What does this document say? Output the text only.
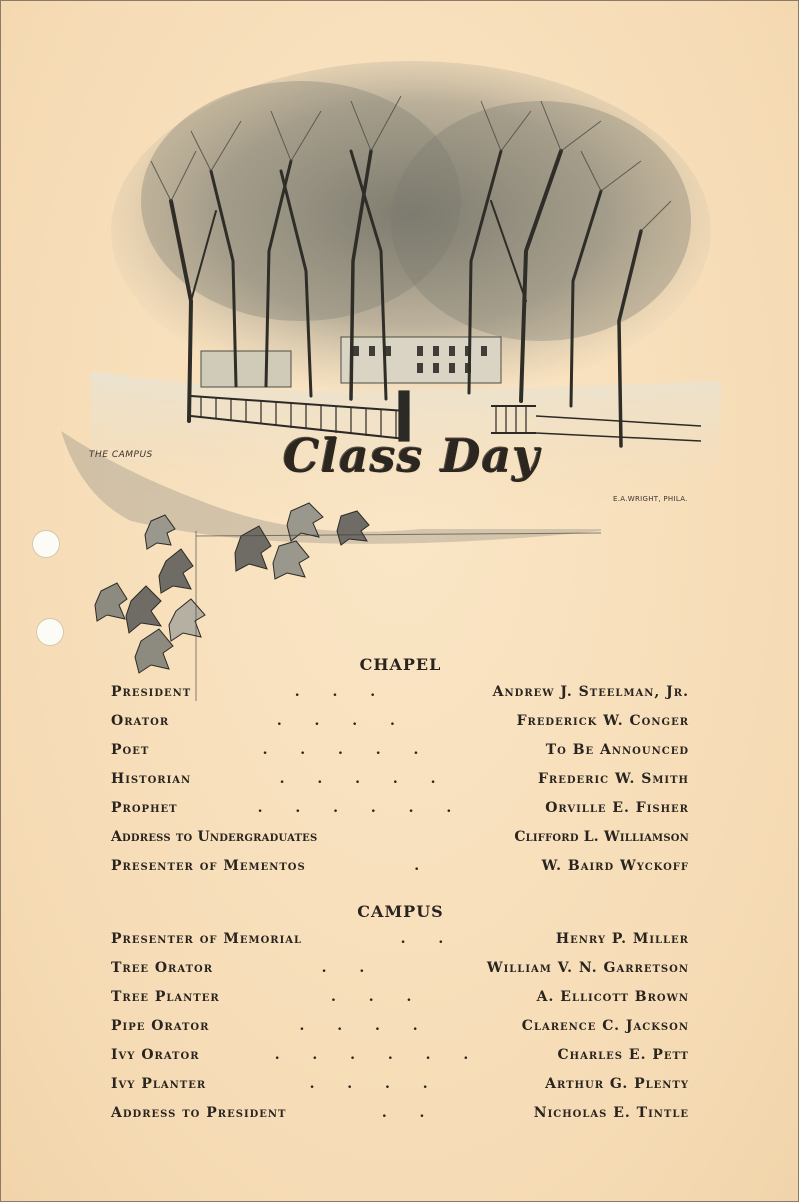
THE CAMPUS
E.A.WRIGHT, PHILA.
Class Day
CHAPEL
President	. . .	Andrew J. Steelman, Jr.
Orator	. . . .	Frederick W. Conger
Poet	. . . . .	To Be Announced
Historian	. . . . .	Frederic W. Smith
Prophet	. . . . . .	Orville E. Fisher
Address to Undergraduates	Clifford L. Williamson
Presenter of Mementos	.	W. Baird Wyckoff
CAMPUS
Presenter of Memorial	. .	Henry P. Miller
Tree Orator	. .	William V. N. Garretson
Tree Planter	. . .	A. Ellicott Brown
Pipe Orator	. . . .	Clarence C. Jackson
Ivy Orator	. . . . . .	Charles E. Pett
Ivy Planter	. . . .	Arthur G. Plenty
Address to President	. .	Nicholas E. Tintle
